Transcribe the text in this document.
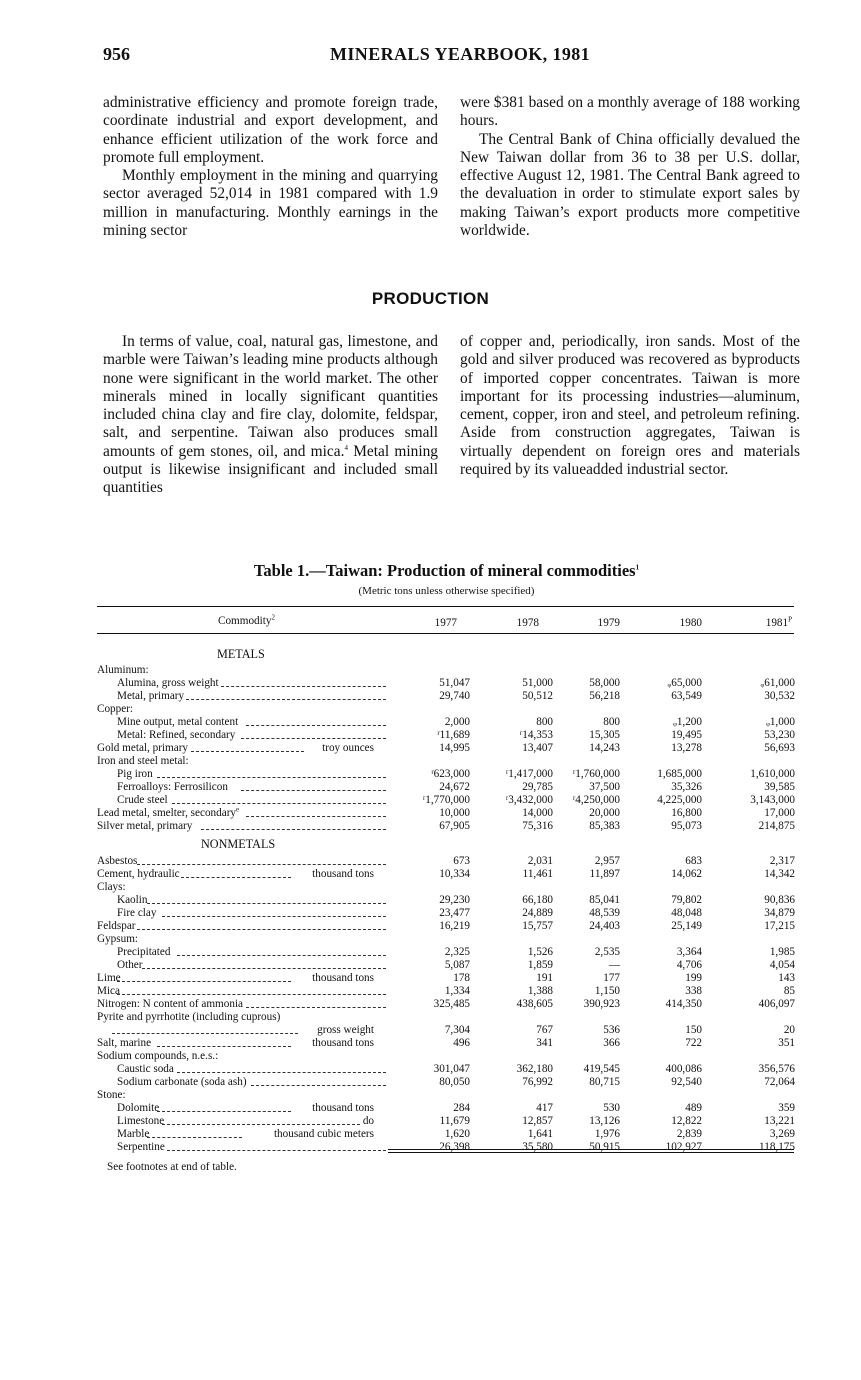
956	MINERALS YEARBOOK, 1981

administrative efficiency and promote foreign trade, coordinate industrial and export development, and enhance efficient utilization of the work force and promote full employment.

Monthly employment in the mining and quarrying sector averaged 52,014 in 1981 compared with 1.9 million in manufacturing. Monthly earnings in the mining sector

were $381 based on a monthly average of 188 working hours.

The Central Bank of China officially devalued the New Taiwan dollar from 36 to 38 per U.S. dollar, effective August 12, 1981. The Central Bank agreed to the devaluation in order to stimulate export sales by making Taiwan’s export products more competitive worldwide.

PRODUCTION

In terms of value, coal, natural gas, limestone, and marble were Taiwan’s leading mine products although none were significant in the world market. The other minerals mined in locally significant quantities included china clay and fire clay, dolomite, feldspar, salt, and serpentine. Taiwan also produces small amounts of gem stones, oil, and mica.$^4$ Metal mining output is likewise insignificant and included small quantities

of copper and, periodically, iron sands. Most of the gold and silver produced was recovered as byproducts of imported copper concentrates. Taiwan is more important for its processing industries—aluminum, cement, copper, iron and steel, and petroleum refining. Aside from construction aggregates, Taiwan is virtually dependent on foreign ores and materials required by its valueadded industrial sector.

Table 1.—Taiwan: Production of mineral commodities$^1$
(Metric tons unless otherwise specified)
Commodity$^2$	1977	1978	1979	1980	$1981^P$
METALS
NONMETALS
Aluminum:
Alumina, gross weight	51,047	51,000	58,000	ᵩ65,000	ᵩ61,000
Metal, primary	29,740	50,512	56,218	63,549	30,532
Copper:
Mine output, metal content	2,000	800	800	ᵩ1,200	ᵩ1,000
Metal: Refined, secondary	ʳ11,689	ʳ14,353	15,305	19,495	53,230
Gold metal, primary	troy ounces	14,995	13,407	14,243	13,278	56,693
Iron and steel metal:
Pig iron	ʳ623,000	ʳ1,417,000	ʳ1,760,000	1,685,000	1,610,000
Ferroalloys: Ferrosilicon	24,672	29,785	37,500	35,326	39,585
Crude steel	ʳ1,770,000	ʳ3,432,000	ʳ4,250,000	4,225,000	3,143,000
Lead metal, smelter, secondary$^e$	10,000	14,000	20,000	16,800	17,000
Silver metal, primary	67,905	75,316	85,383	95,073	214,875
Asbestos	673	2,031	2,957	683	2,317
Cement, hydraulic	thousand tons	10,334	11,461	11,897	14,062	14,342
Clays:
Kaolin	29,230	66,180	85,041	79,802	90,836
Fire clay	23,477	24,889	48,539	48,048	34,879
Feldspar	16,219	15,757	24,403	25,149	17,215
Gypsum:
Precipitated	2,325	1,526	2,535	3,364	1,985
Other	5,087	1,859	—	4,706	4,054
Lime	thousand tons	178	191	177	199	143
Mica	1,334	1,388	1,150	338	85
Nitrogen: N content of ammonia	325,485	438,605	390,923	414,350	406,097
Pyrite and pyrrhotite (including cuprous)
gross weight	7,304	767	536	150	20
Salt, marine	thousand tons	496	341	366	722	351
Sodium compounds, n.e.s.:
Caustic soda	301,047	362,180	419,545	400,086	356,576
Sodium carbonate (soda ash)	80,050	76,992	80,715	92,540	72,064
Stone:
Dolomite	thousand tons	284	417	530	489	359
Limestone	do	11,679	12,857	13,126	12,822	13,221
Marble	thousand cubic meters	1,620	1,641	1,976	2,839	3,269
Serpentine	26,398	35,580	50,915	102,927	118,175
See footnotes at end of table.
